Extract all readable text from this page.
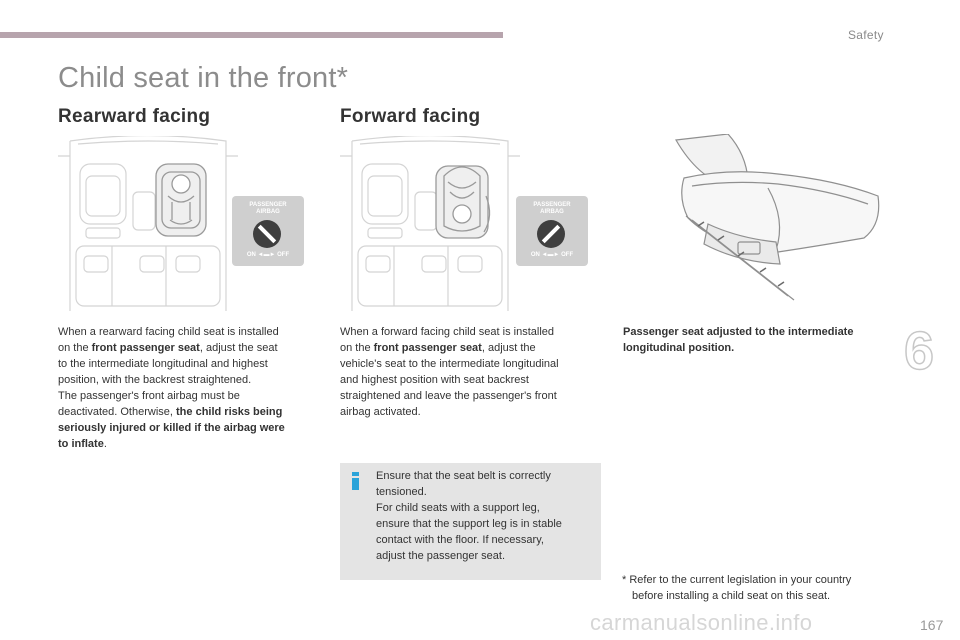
Safety
Child seat in the front*
Rearward facing	Forward facing
PASSENGER
AIRBAG
ON ◄▬► OFF
PASSENGER
AIRBAG
ON ◄▬► OFF
When a rearward facing child seat is installed
on the front passenger seat, adjust the seat
to the intermediate longitudinal and highest
position, with the backrest straightened.
The passenger's front airbag must be
deactivated. Otherwise, the child risks being
seriously injured or killed if the airbag were
to inflate.
When a forward facing child seat is installed
on the front passenger seat, adjust the
vehicle's seat to the intermediate longitudinal
and highest position with seat backrest
straightened and leave the passenger's front
airbag activated.
Passenger seat adjusted to the intermediate
longitudinal position.	6
Ensure that the seat belt is correctly
tensioned.
For child seats with a support leg,
ensure that the support leg is in stable
contact with the floor. If necessary,
adjust the passenger seat.
* Refer to the current legislation in your country
before installing a child seat on this seat.
carmanualsonline.info	167
